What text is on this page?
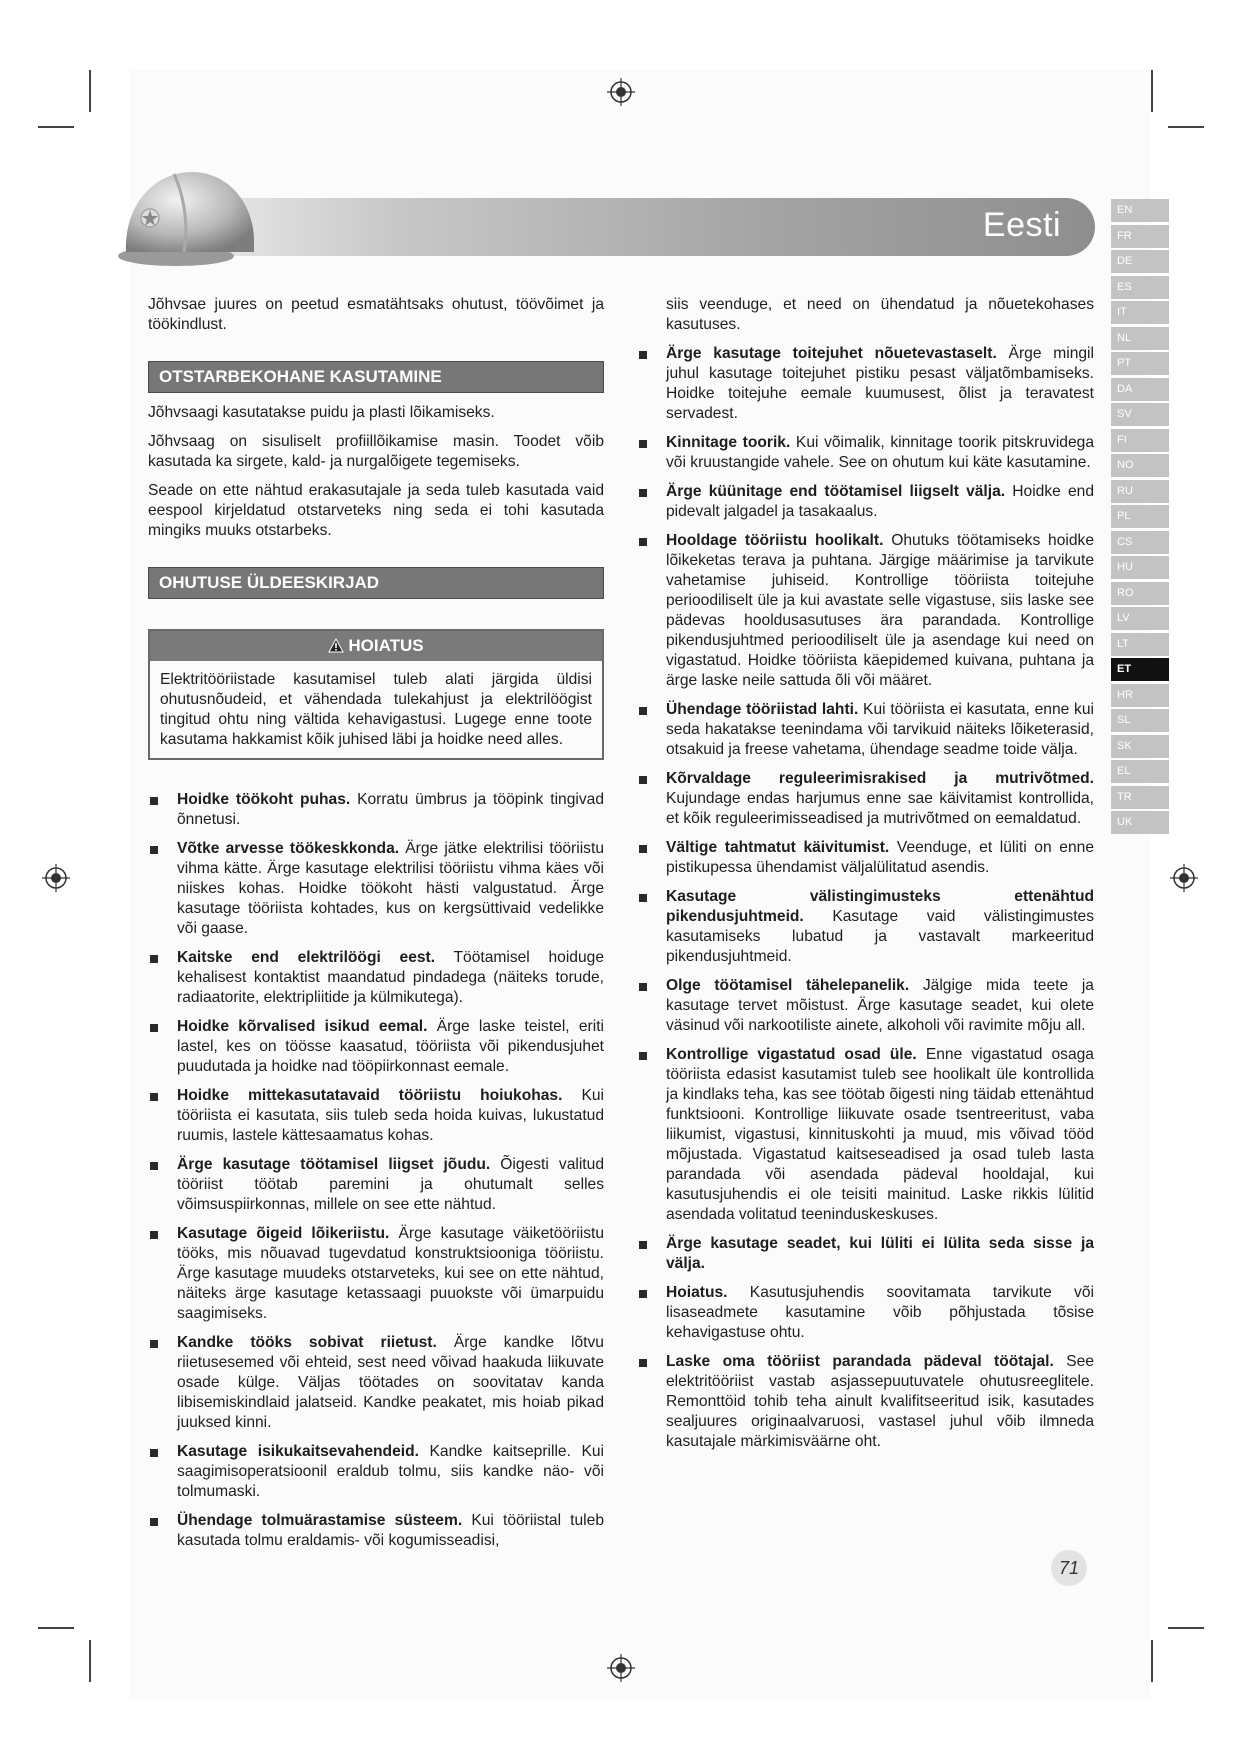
Eesti	EN
FR
DE
ES
IT
NL
PT
DA
SV
FI
NO
RU
PL
CS
HU
RO
LV
LT
ET
HR
SL
SK
EL
TR
UK

Jõhvsae juures on peetud esmatähtsaks ohutust, töövõimet ja töökindlust.

OTSTARBEKOHANE KASUTAMINE

Jõhvsaagi kasutatakse puidu ja plasti lõikamiseks.

Jõhvsaag on sisuliselt profiillõikamise masin. Toodet võib kasutada ka sirgete, kald- ja nurgalõigete tegemiseks.

Seade on ette nähtud erakasutajale ja seda tuleb kasutada vaid eespool kirjeldatud otstarveteks ning seda ei tohi kasutada mingiks muuks otstarbeks.

OHUTUSE ÜLDEESKIRJAD
HOIATUS
Elektritööriistade kasutamisel tuleb alati järgida üldisi ohutusnõudeid, et vähendada tulekahjust ja elektrilöögist tingitud ohtu ning vältida kehavigastusi. Lugege enne toote kasutama hakkamist kõik juhised läbi ja hoidke need alles.
Hoidke töökoht puhas. Korratu ümbrus ja tööpink tingivad õnnetusi.
Võtke arvesse töökeskkonda. Ärge jätke elektrilisi tööriistu vihma kätte. Ärge kasutage elektrilisi tööriistu vihma käes või niiskes kohas. Hoidke töökoht hästi valgustatud. Ärge kasutage tööriista kohtades, kus on kergsüttivaid vedelikke või gaase.
Kaitske end elektrilöögi eest. Töötamisel hoiduge kehalisest kontaktist maandatud pindadega (näiteks torude, radiaatorite, elektripliitide ja külmikutega).
Hoidke kõrvalised isikud eemal. Ärge laske teistel, eriti lastel, kes on töösse kaasatud, tööriista või pikendusjuhet puudutada ja hoidke nad tööpiirkonnast eemale.
Hoidke mittekasutatavaid tööriistu hoiukohas. Kui tööriista ei kasutata, siis tuleb seda hoida kuivas, lukustatud ruumis, lastele kättesaamatus kohas.
Ärge kasutage töötamisel liigset jõudu. Õigesti valitud tööriist töötab paremini ja ohutumalt selles võimsuspiirkonnas, millele on see ette nähtud.
Kasutage õigeid lõikeriistu. Ärge kasutage väiketööriistu tööks, mis nõuavad tugevdatud konstruktsiooniga tööriistu. Ärge kasutage muudeks otstarveteks, kui see on ette nähtud, näiteks ärge kasutage ketassaagi puuokste või ümarpuidu saagimiseks.
Kandke tööks sobivat riietust. Ärge kandke lõtvu riietusesemed või ehteid, sest need võivad haakuda liikuvate osade külge. Väljas töötades on soovitatav kanda libisemiskindlaid jalatseid. Kandke peakatet, mis hoiab pikad juuksed kinni.
Kasutage isikukaitsevahendeid. Kandke kaitseprille. Kui saagimisoperatsioonil eraldub tolmu, siis kandke näo- või tolmumaski.
Ühendage tolmuärastamise süsteem. Kui tööriistal tuleb kasutada tolmu eraldamis- või kogumisseadisi,

siis veenduge, et need on ühendatud ja nõuetekohases kasutuses.

Ärge kasutage toitejuhet nõuetevastaselt. Ärge mingil juhul kasutage toitejuhet pistiku pesast väljatõmbamiseks. Hoidke toitejuhe eemale kuumusest, õlist ja teravatest servadest.
Kinnitage toorik. Kui võimalik, kinnitage toorik pitskruvidega või kruustangide vahele. See on ohutum kui käte kasutamine.
Ärge küünitage end töötamisel liigselt välja. Hoidke end pidevalt jalgadel ja tasakaalus.
Hooldage tööriistu hoolikalt. Ohutuks töötamiseks hoidke lõikeketas terava ja puhtana. Järgige määrimise ja tarvikute vahetamise juhiseid. Kontrollige tööriista toitejuhe perioodiliselt üle ja kui avastate selle vigastuse, siis laske see pädevas hooldusasutuses ära parandada. Kontrollige pikendusjuhtmed perioodiliselt üle ja asendage kui need on vigastatud. Hoidke tööriista käepidemed kuivana, puhtana ja ärge laske neile sattuda õli või määret.
Ühendage tööriistad lahti. Kui tööriista ei kasutata, enne kui seda hakatakse teenindama või tarvikuid näiteks lõiketerasid, otsakuid ja freese vahetama, ühendage seadme toide välja.
Kõrvaldage reguleerimisrakised ja mutrivõtmed. Kujundage endas harjumus enne sae käivitamist kontrollida, et kõik reguleerimisseadised ja mutrivõtmed on eemaldatud.
Vältige tahtmatut käivitumist. Veenduge, et lüliti on enne pistikupessa ühendamist väljalülitatud asendis.
Kasutage välistingimusteks ettenähtud pikendusjuhtmeid. Kasutage vaid välistingimustes kasutamiseks lubatud ja vastavalt markeeritud pikendusjuhtmeid.
Olge töötamisel tähelepanelik. Jälgige mida teete ja kasutage tervet mõistust. Ärge kasutage seadet, kui olete väsinud või narkootiliste ainete, alkoholi või ravimite mõju all.
Kontrollige vigastatud osad üle. Enne vigastatud osaga tööriista edasist kasutamist tuleb see hoolikalt üle kontrollida ja kindlaks teha, kas see töötab õigesti ning täidab ettenähtud funktsiooni. Kontrollige liikuvate osade tsentreeritust, vaba liikumist, vigastusi, kinnituskohti ja muud, mis võivad tööd mõjustada. Vigastatud kaitseseadised ja osad tuleb lasta parandada või asendada pädeval hooldajal, kui kasutusjuhendis ei ole teisiti mainitud. Laske rikkis lülitid asendada volitatud teeninduskeskuses.
Ärge kasutage seadet, kui lüliti ei lülita seda sisse ja välja.
Hoiatus. Kasutusjuhendis soovitamata tarvikute või lisaseadmete kasutamine võib põhjustada tõsise kehavigastuse ohtu.
Laske oma tööriist parandada pädeval töötajal. See elektritööriist vastab asjassepuutuvatele ohutusreeglitele. Remonttöid tohib teha ainult kvalifitseeritud isik, kasutades sealjuures originaalvaruosi, vastasel juhul võib ilmneda kasutajale märkimisväärne oht.
71
